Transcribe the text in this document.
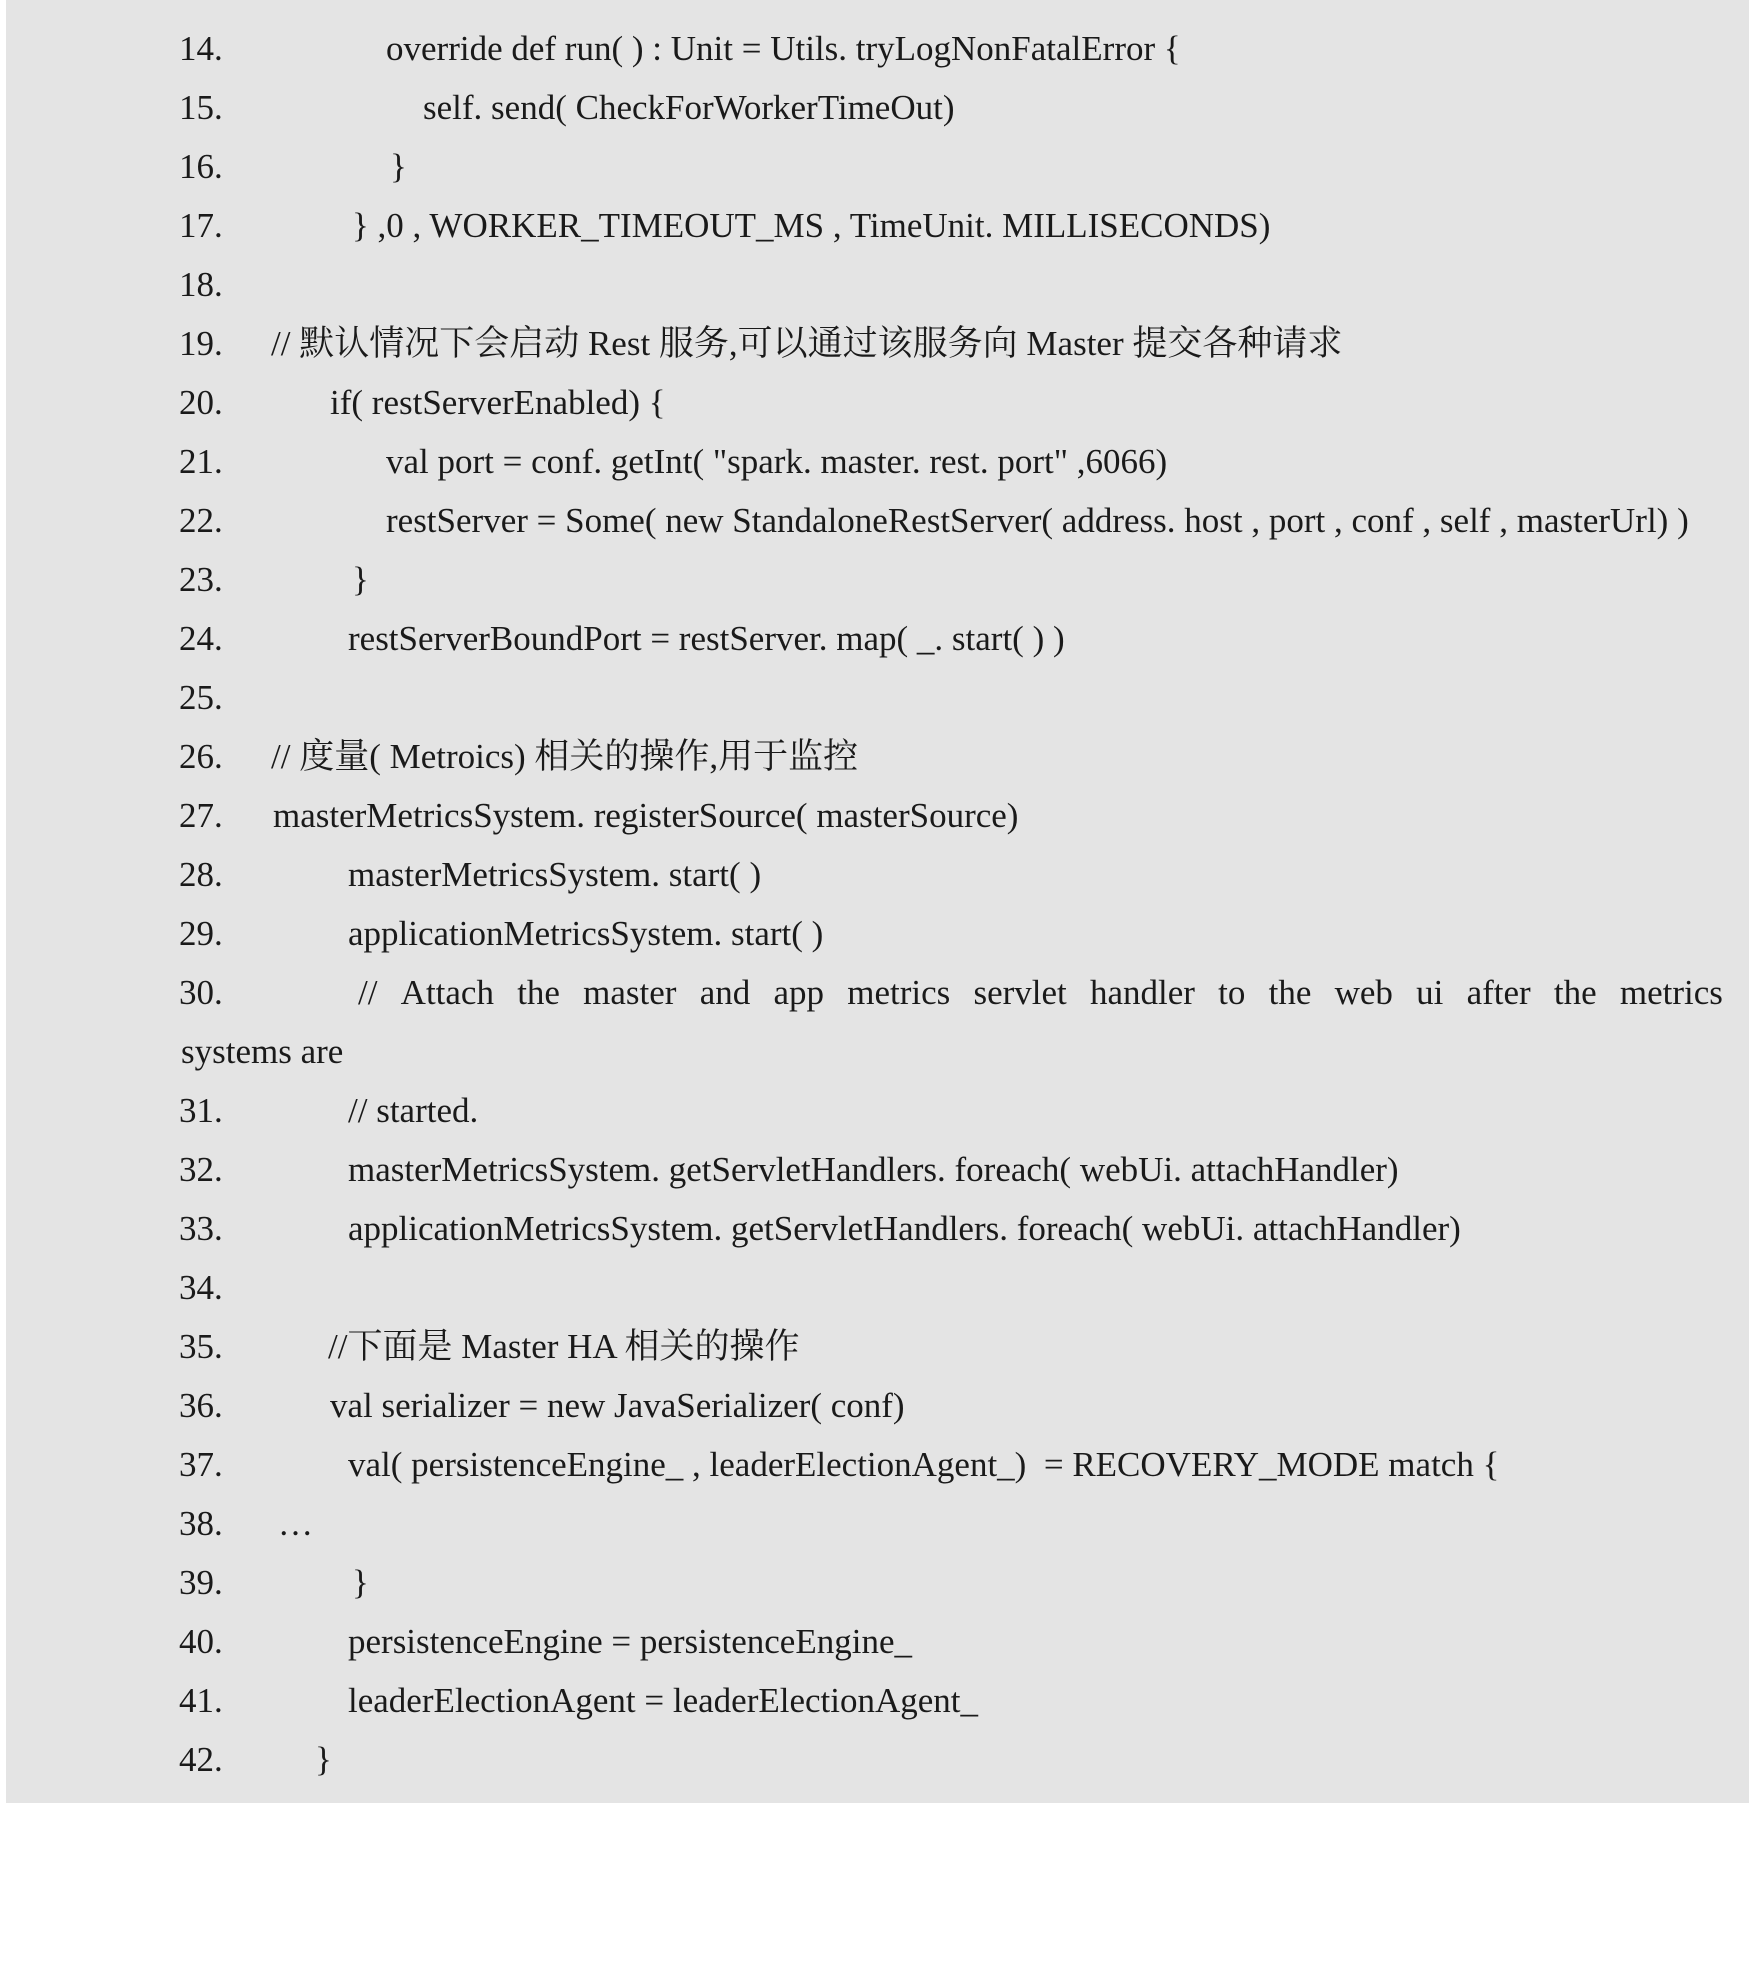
14.

	override def run( ) : Unit = Utils. tryLogNonFatalError {

15.

	self. send( CheckForWorkerTimeOut)

16.

	}

17.

	} ,0 , WORKER_TIMEOUT_MS , TimeUnit. MILLISECONDS)

18.

19.

// 默认情况下会启动 Rest 服务,可以通过该服务向 Master 提交各种请求

20.

	if( restServerEnabled) {

21.

	val port = conf. getInt( "spark. master. rest. port" ,6066)

22.

	restServer = Some( new StandaloneRestServer( address. host , port , conf , self , masterUrl) )

23.

	}

24.

	restServerBoundPort = restServer. map( _. start( ) )

25.

26.

// 度量( Metroics) 相关的操作,用于监控

27.

masterMetricsSystem. registerSource( masterSource)

28.

	masterMetricsSystem. start( )

29.

	applicationMetricsSystem. start( )

30.

	// Attach the master and app metrics servlet handler to the web ui after the metrics

systems are

31.

	// started.

32.

	masterMetricsSystem. getServletHandlers. foreach( webUi. attachHandler)

33.

	applicationMetricsSystem. getServletHandlers. foreach( webUi. attachHandler)

34.

35.

	//下面是 Master HA 相关的操作

36.

	val serializer = new JavaSerializer( conf)

37.

	val( persistenceEngine_ , leaderElectionAgent_)  = RECOVERY_MODE match {

38.

…

39.

	}

40.

	persistenceEngine = persistenceEngine_

41.

	leaderElectionAgent = leaderElectionAgent_

42.

	}
